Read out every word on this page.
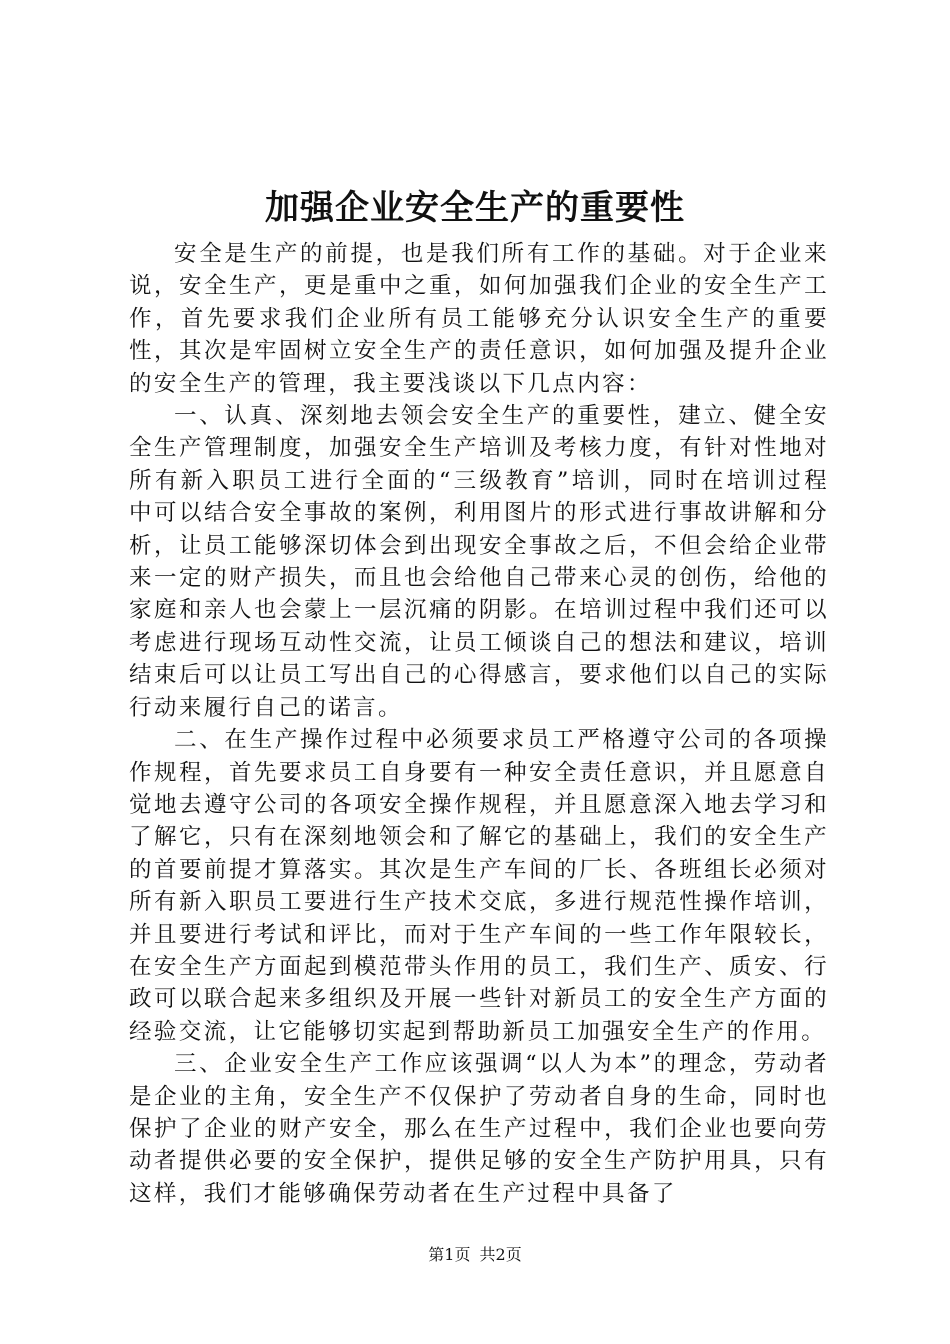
加强企业安全生产的重要性

安全是生产的前提，也是我们所有工作的基础。对于企业来说，安全生产，更是重中之重，如何加强我们企业的安全生产工作，首先要求我们企业所有员工能够充分认识安全生产的重要性，其次是牢固树立安全生产的责任意识，如何加强及提升企业的安全生产的管理，我主要浅谈以下几点内容：

一、认真、深刻地去领会安全生产的重要性，建立、健全安全生产管理制度，加强安全生产培训及考核力度，有针对性地对所有新入职员工进行全面的“三级教育”培训，同时在培训过程中可以结合安全事故的案例，利用图片的形式进行事故讲解和分析，让员工能够深切体会到出现安全事故之后，不但会给企业带来一定的财产损失，而且也会给他自己带来心灵的创伤，给他的家庭和亲人也会蒙上一层沉痛的阴影。在培训过程中我们还可以考虑进行现场互动性交流，让员工倾谈自己的想法和建议，培训结束后可以让员工写出自己的心得感言，要求他们以自己的实际行动来履行自己的诺言。

二、在生产操作过程中必须要求员工严格遵守公司的各项操作规程，首先要求员工自身要有一种安全责任意识，并且愿意自觉地去遵守公司的各项安全操作规程，并且愿意深入地去学习和了解它，只有在深刻地领会和了解它的基础上，我们的安全生产的首要前提才算落实。其次是生产车间的厂长、各班组长必须对所有新入职员工要进行生产技术交底，多进行规范性操作培训，并且要进行考试和评比，而对于生产车间的一些工作年限较长，在安全生产方面起到模范带头作用的员工，我们生产、质安、行政可以联合起来多组织及开展一些针对新员工的安全生产方面的经验交流，让它能够切实起到帮助新员工加强安全生产的作用。

三、企业安全生产工作应该强调“以人为本”的理念，劳动者是企业的主角，安全生产不仅保护了劳动者自身的生命，同时也保护了企业的财产安全，那么在生产过程中，我们企业也要向劳动者提供必要的安全保护，提供足够的安全生产防护用具，只有这样，我们才能够确保劳动者在生产过程中具备了

第1页 共2页
